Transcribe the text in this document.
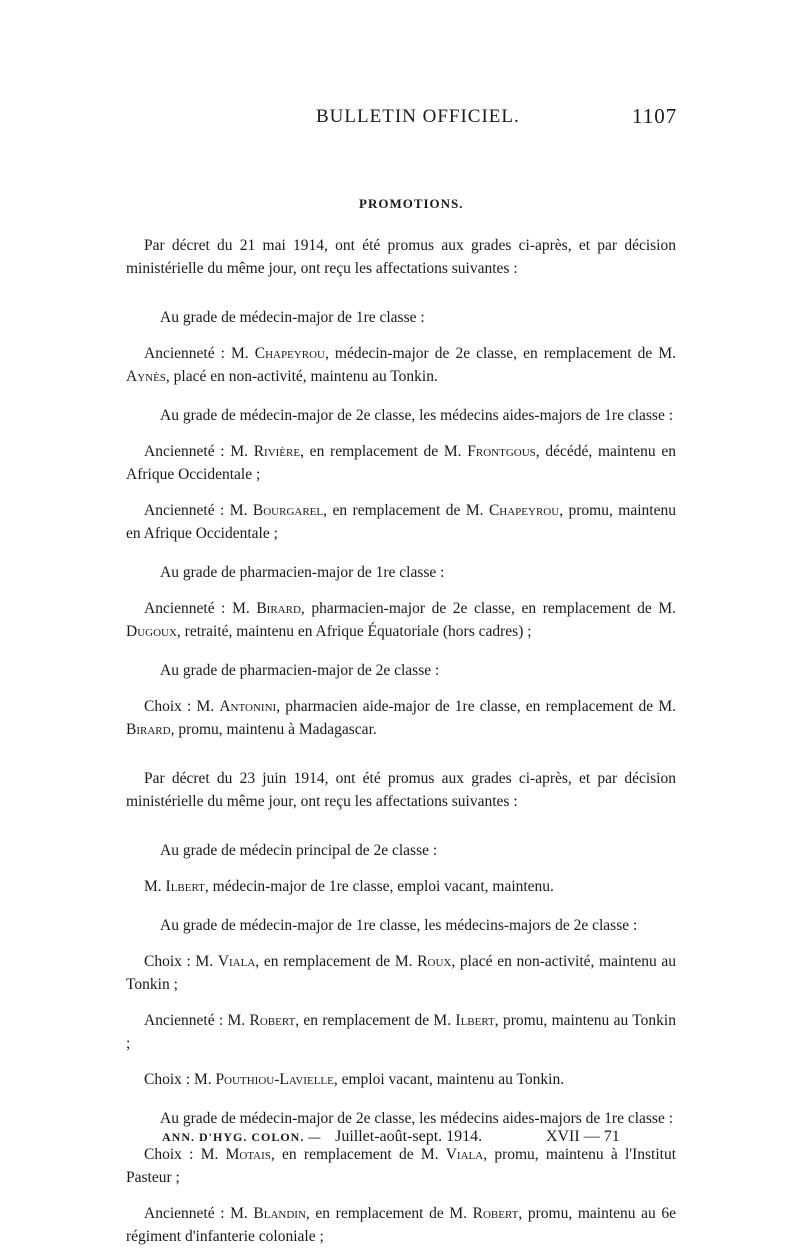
BULLETIN OFFICIEL.	1107
PROMOTIONS.

Par décret du 21 mai 1914, ont été promus aux grades ci-après, et par décision ministérielle du même jour, ont reçu les affectations suivantes :

Au grade de médecin-major de 1re classe :

Ancienneté : M. Chapeyrou, médecin-major de 2e classe, en remplacement de M. Aynès, placé en non-activité, maintenu au Tonkin.

Au grade de médecin-major de 2e classe, les médecins aides-majors de 1re classe :

Ancienneté : M. Rivière, en remplacement de M. Frontgous, décédé, maintenu en Afrique Occidentale ;

Ancienneté : M. Bourgarel, en remplacement de M. Chapeyrou, promu, maintenu en Afrique Occidentale ;

Au grade de pharmacien-major de 1re classe :

Ancienneté : M. Birard, pharmacien-major de 2e classe, en remplacement de M. Dugoux, retraité, maintenu en Afrique Équatoriale (hors cadres) ;

Au grade de pharmacien-major de 2e classe :

Choix : M. Antonini, pharmacien aide-major de 1re classe, en remplacement de M. Birard, promu, maintenu à Madagascar.

Par décret du 23 juin 1914, ont été promus aux grades ci-après, et par décision ministérielle du même jour, ont reçu les affectations suivantes :

Au grade de médecin principal de 2e classe :

M. Ilbert, médecin-major de 1re classe, emploi vacant, maintenu.

Au grade de médecin-major de 1re classe, les médecins-majors de 2e classe :

Choix : M. Viala, en remplacement de M. Roux, placé en non-activité, maintenu au Tonkin ;

Ancienneté : M. Robert, en remplacement de M. Ilbert, promu, maintenu au Tonkin ;

Choix : M. Pouthiou-Lavielle, emploi vacant, maintenu au Tonkin.

Au grade de médecin-major de 2e classe, les médecins aides-majors de 1re classe :

Choix : M. Motais, en remplacement de M. Viala, promu, maintenu à l'Institut Pasteur ;

Ancienneté : M. Blandin, en remplacement de M. Robert, promu, maintenu au 6e régiment d'infanterie coloniale ;

ANN. D'HYG. COLON. — Juillet-août-sept. 1914.	XVII — 71
